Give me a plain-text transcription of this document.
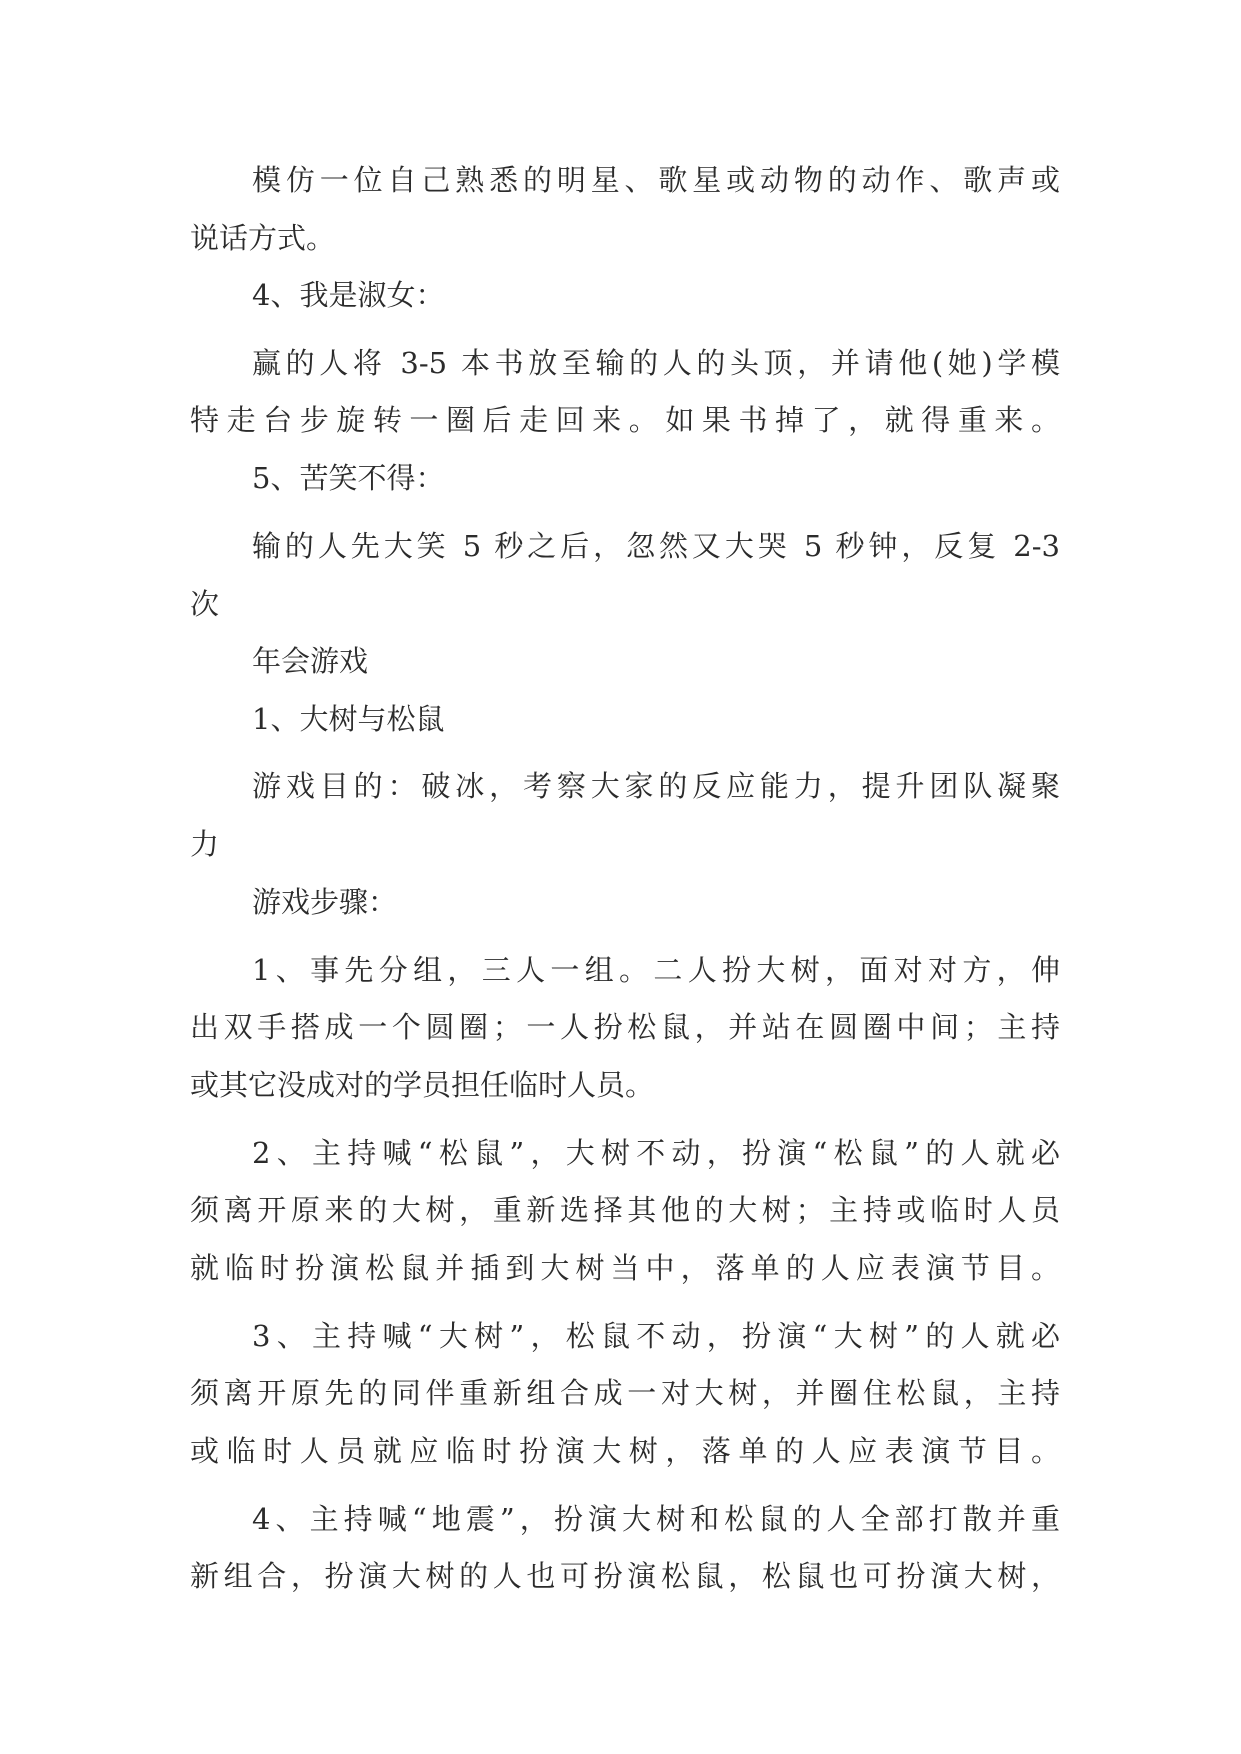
模仿一位自己熟悉的明星、歌星或动物的动作、歌声或
说话方式。
4、我是淑女：
赢的人将 3-5 本书放至输的人的头顶，并请他(她)学模
特走台步旋转一圈后走回来。如果书掉了，就得重来。
5、苦笑不得：
输的人先大笑 5 秒之后，忽然又大哭 5 秒钟，反复 2-3
次
年会游戏
1、大树与松鼠
游戏目的：破冰，考察大家的反应能力，提升团队凝聚
力
游戏步骤：
1、事先分组，三人一组。二人扮大树，面对对方，伸
出双手搭成一个圆圈；一人扮松鼠，并站在圆圈中间；主持
或其它没成对的学员担任临时人员。
2、主持喊“松鼠”，大树不动，扮演“松鼠”的人就必
须离开原来的大树，重新选择其他的大树；主持或临时人员
就临时扮演松鼠并插到大树当中，落单的人应表演节目。
3、主持喊“大树”，松鼠不动，扮演“大树”的人就必
须离开原先的同伴重新组合成一对大树，并圈住松鼠，主持
或临时人员就应临时扮演大树，落单的人应表演节目。
4、主持喊“地震”，扮演大树和松鼠的人全部打散并重
新组合，扮演大树的人也可扮演松鼠，松鼠也可扮演大树，
